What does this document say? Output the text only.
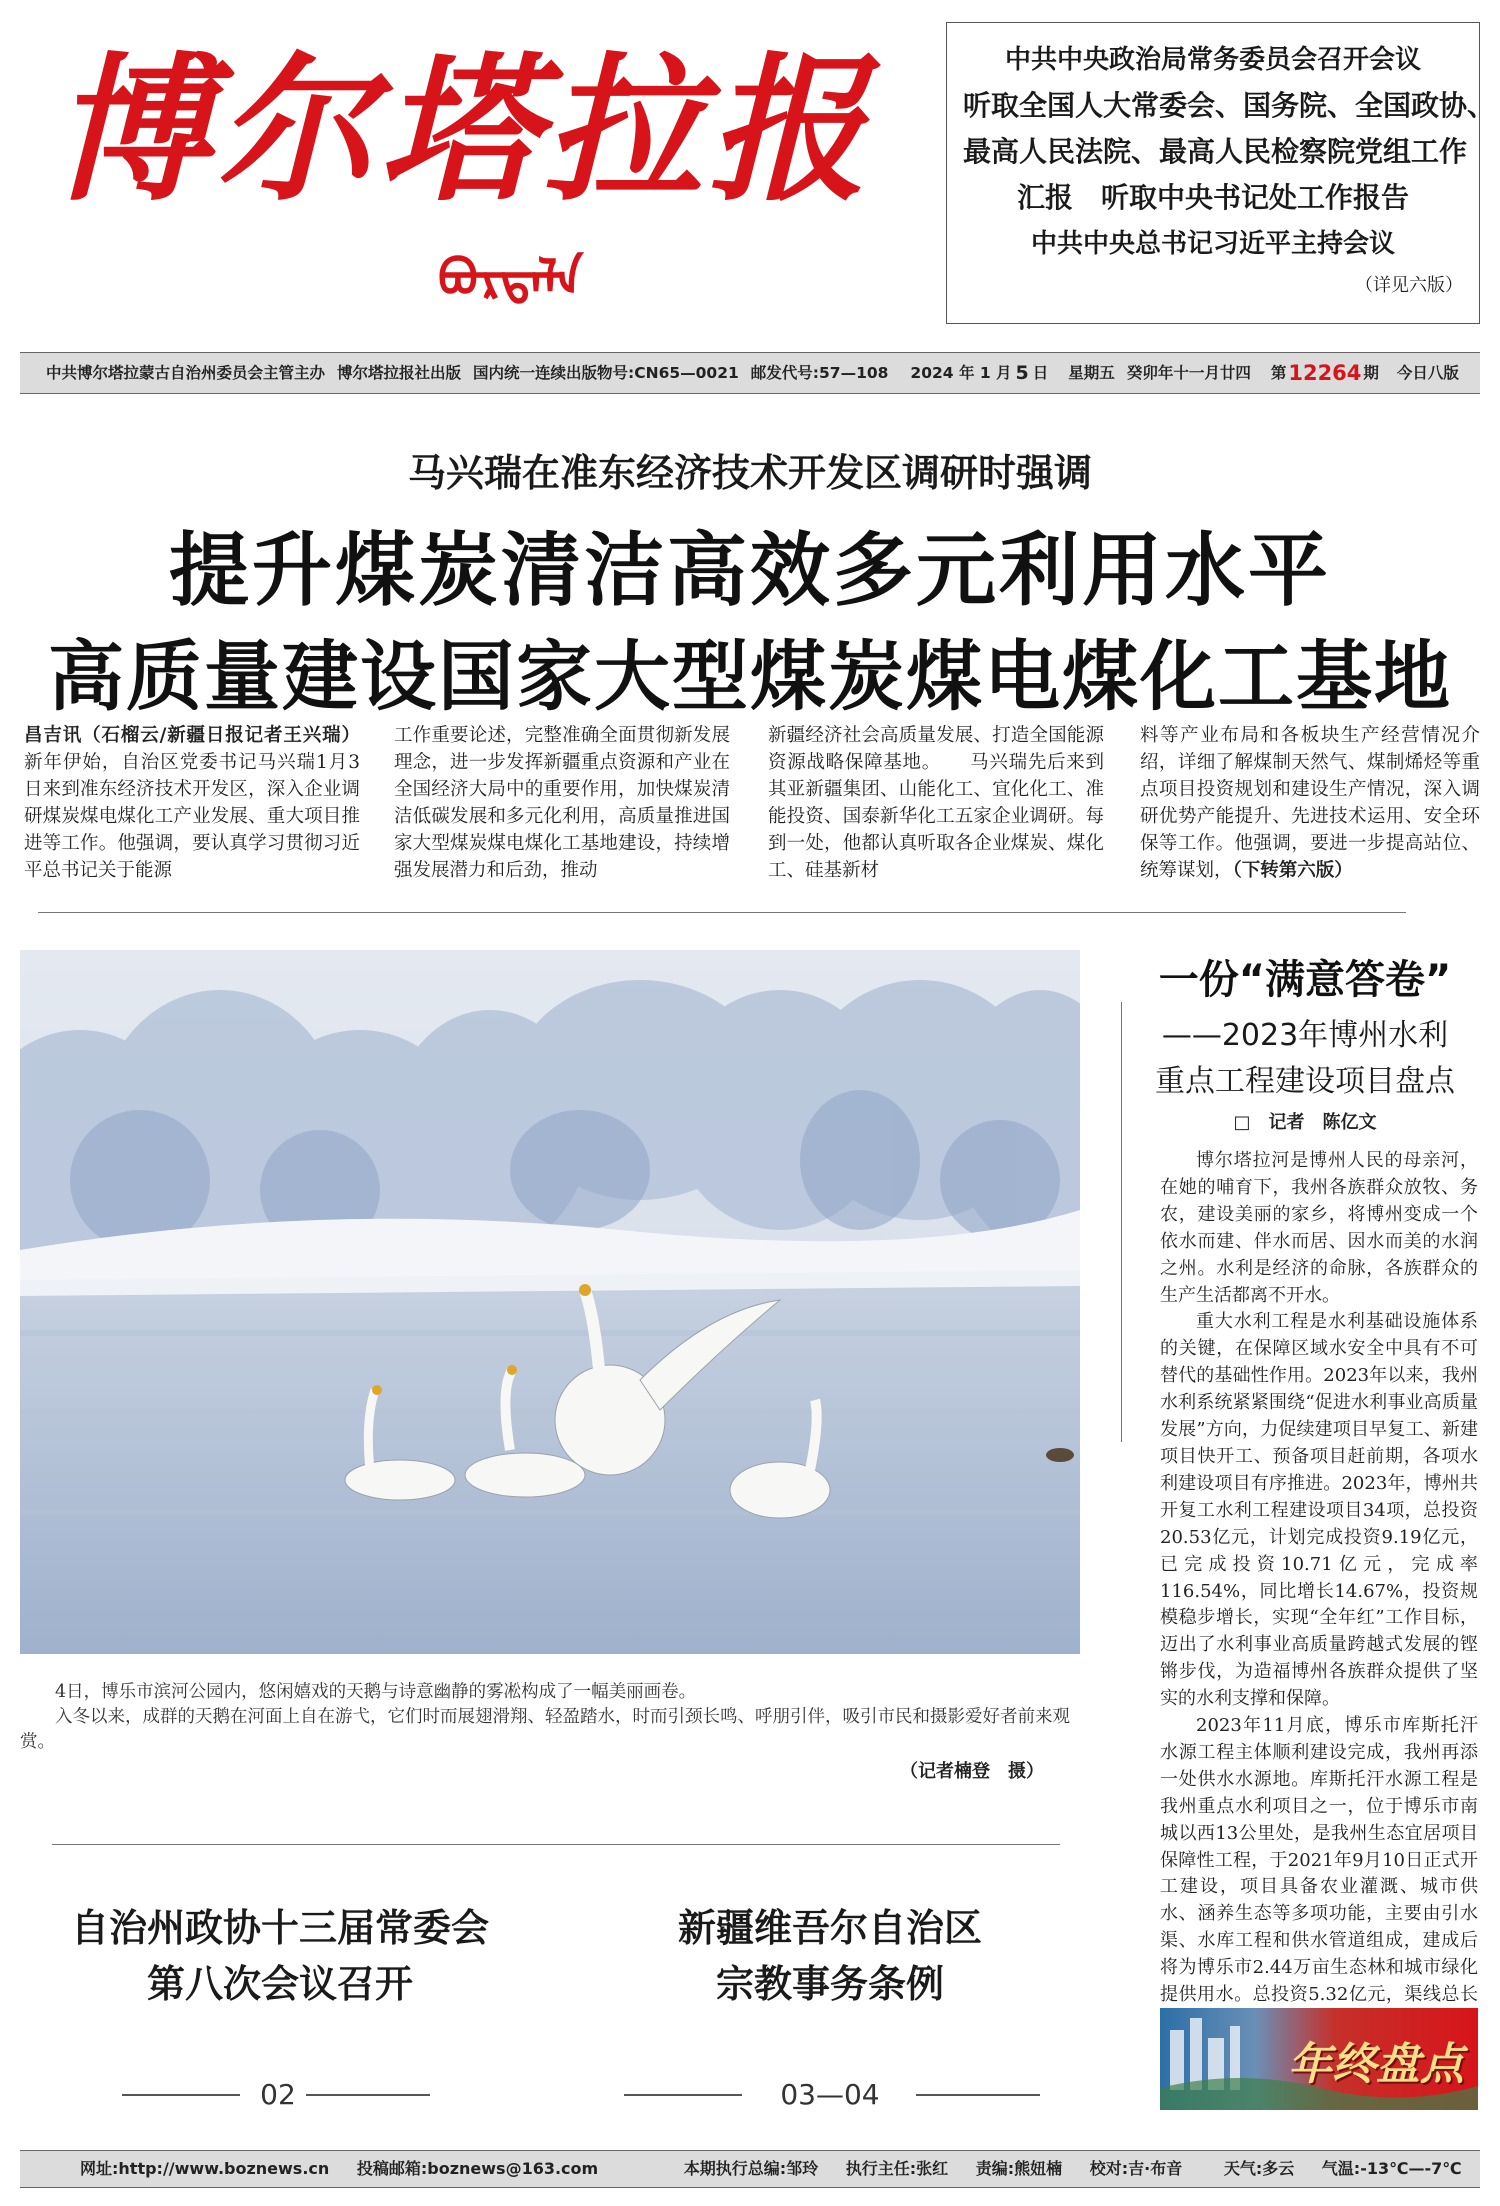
博尔塔拉报
ᠪᠣᠷᠲᠠᠯᠠ
中共中央政治局常务委员会召开会议
听取全国人大常委会、国务院、全国政协、
最高人民法院、最高人民检察院党组工作
汇报　听取中央书记处工作报告
中共中央总书记习近平主持会议
（详见六版）
中共博尔塔拉蒙古自治州委员会主管主办 博尔塔拉报社出版 国内统一连续出版物号:CN65—0021 邮发代号:57—108 2024 年 1 月 5 日 星期五 癸卯年十一月廿四 第 12264 期 今日八版
马兴瑞在准东经济技术开发区调研时强调
提升煤炭清洁高效多元利用水平
高质量建设国家大型煤炭煤电煤化工基地
昌吉讯（石榴云/新疆日报记者王兴瑞）新年伊始，自治区党委书记马兴瑞1月3日来到准东经济技术开发区，深入企业调研煤炭煤电煤化工产业发展、重大项目推进等工作。他强调，要认真学习贯彻习近平总书记关于能源
工作重要论述，完整准确全面贯彻新发展理念，进一步发挥新疆重点资源和产业在全国经济大局中的重要作用，加快煤炭清洁低碳发展和多元化利用，高质量推进国家大型煤炭煤电煤化工基地建设，持续增强发展潜力和后劲，推动
新疆经济社会高质量发展、打造全国能源资源战略保障基地。　　马兴瑞先后来到其亚新疆集团、山能化工、宜化化工、准能投资、国泰新华化工五家企业调研。每到一处，他都认真听取各企业煤炭、煤化工、硅基新材
料等产业布局和各板块生产经营情况介绍，详细了解煤制天然气、煤制烯烃等重点项目投资规划和建设生产情况，深入调研优势产能提升、先进技术运用、安全环保等工作。他强调，要进一步提高站位、统筹谋划，（下转第六版）
4日，博乐市滨河公园内，悠闲嬉戏的天鹅与诗意幽静的雾凇构成了一幅美丽画卷。
入冬以来，成群的天鹅在河面上自在游弋，它们时而展翅滑翔、轻盈踏水，时而引颈长鸣、呼朋引伴，吸引市民和摄影爱好者前来观赏。
（记者楠登　摄）
自治州政协十三届常委会
第八次会议召开
新疆维吾尔自治区
宗教事务条例
02	03—04
一份“满意答卷”
——2023年博州水利
重点工程建设项目盘点
□　记者　陈亿文

博尔塔拉河是博州人民的母亲河，在她的哺育下，我州各族群众放牧、务农，建设美丽的家乡，将博州变成一个依水而建、伴水而居、因水而美的水润之州。水利是经济的命脉，各族群众的生产生活都离不开水。

重大水利工程是水利基础设施体系的关键，在保障区域水安全中具有不可替代的基础性作用。2023年以来，我州水利系统紧紧围绕“促进水利事业高质量发展”方向，力促续建项目早复工、新建项目快开工、预备项目赶前期，各项水利建设项目有序推进。2023年，博州共开复工水利工程建设项目34项，总投资20.53亿元，计划完成投资9.19亿元，已完成投资10.71亿元，完成率116.54%，同比增长14.67%，投资规模稳步增长，实现“全年红”工作目标，迈出了水利事业高质量跨越式发展的铿锵步伐，为造福博州各族群众提供了坚实的水利支撑和保障。

2023年11月底，博乐市库斯托汗水源工程主体顺利建设完成，我州再添一处供水水源地。库斯托汗水源工程是我州重点水利项目之一，位于博乐市南城以西13公里处，是我州生态宜居项目保障性工程，于2021年9月10日正式开工建设，项目具备农业灌溉、城市供水、涵养生态等多项功能，主要由引水渠、水库工程和供水管道组成，建成后将为博乐市2.44万亩生态林和城市绿化提供用水。总投资5.32亿元，渠线总长

年终盘点
网址:http://www.boznews.cn 投稿邮箱:boznews@163.com	本期执行总编:邹玲 执行主任:张红 责编:熊妞楠 校对:吉·布音	天气:多云 气温:-13℃—-7℃
